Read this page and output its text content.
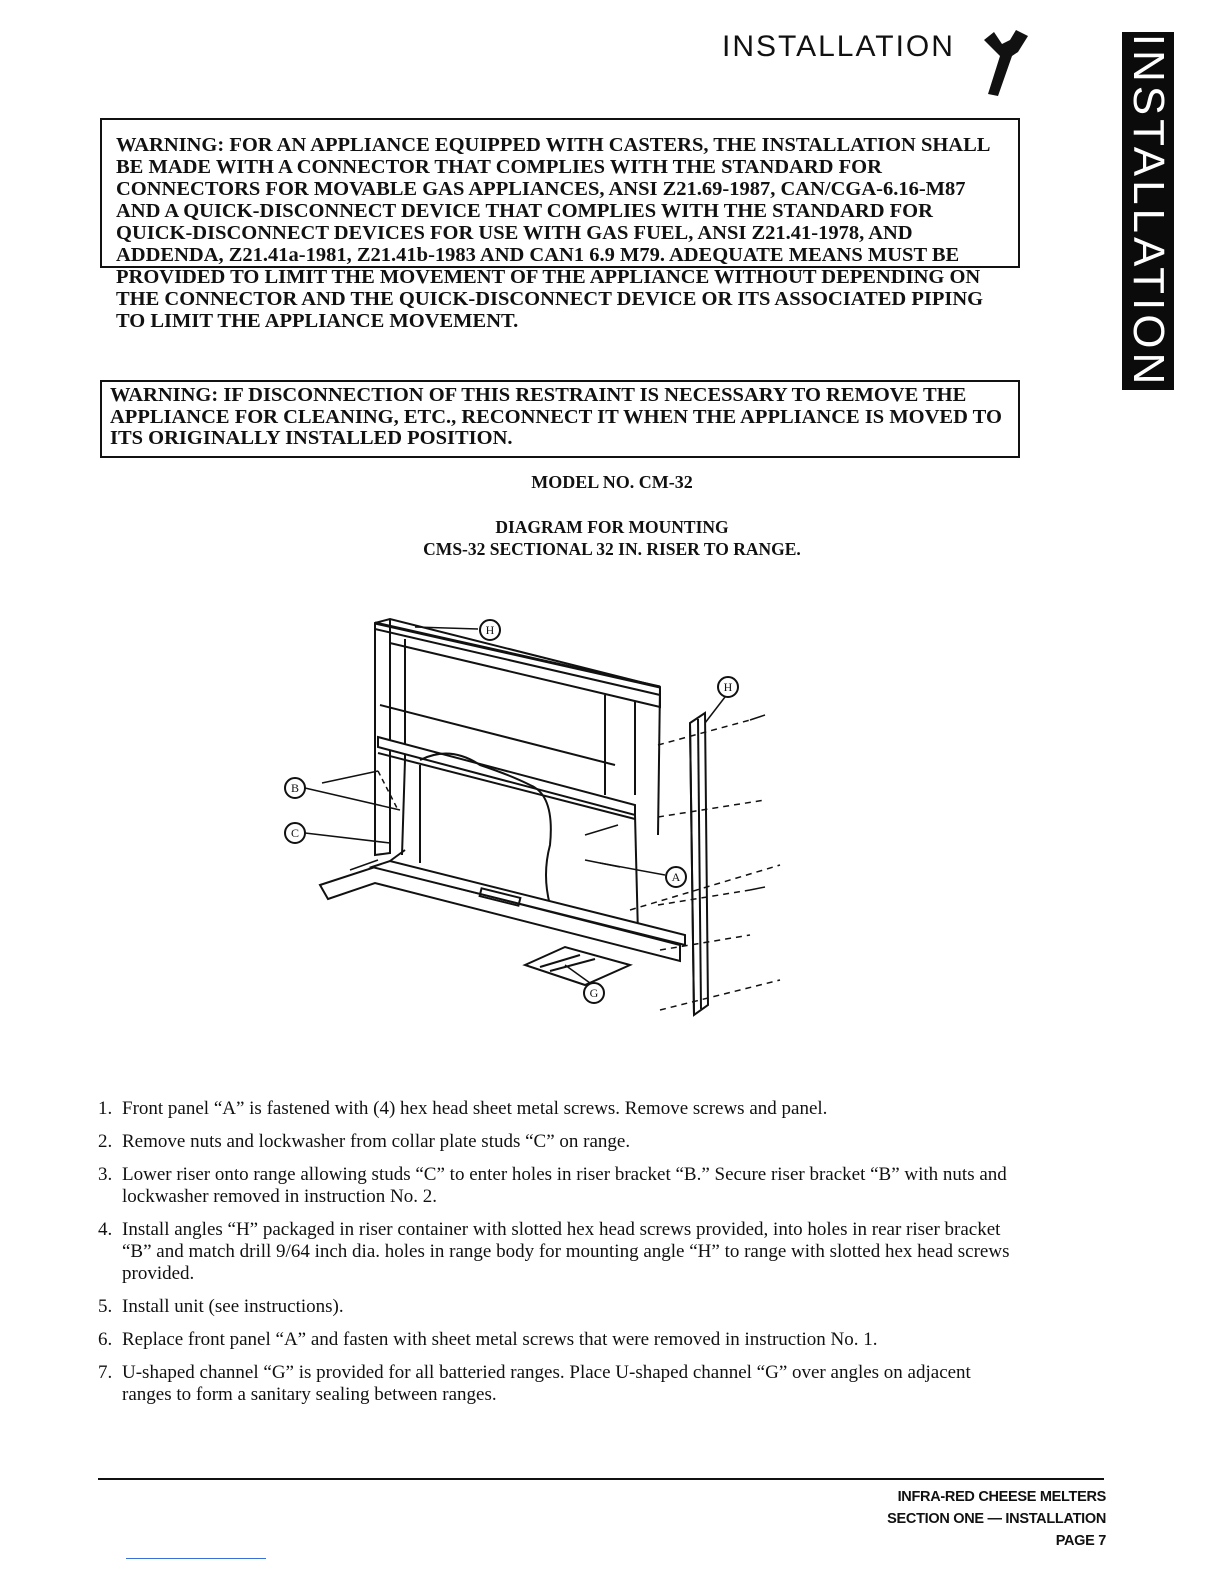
INSTALLATION	INSTALLATION
WARNING: FOR AN APPLIANCE EQUIPPED WITH CASTERS, THE INSTALLATION SHALL BE MADE WITH A CONNECTOR THAT COMPLIES WITH THE STANDARD FOR CONNECTORS FOR MOVABLE GAS APPLIANCES, ANSI Z21.69-1987, CAN/CGA-6.16-M87 AND A QUICK-DISCONNECT DEVICE THAT COMPLIES WITH THE STANDARD FOR QUICK-DISCONNECT DEVICES FOR USE WITH GAS FUEL, ANSI Z21.41-1978, AND ADDENDA, Z21.41a-1981, Z21.41b-1983 AND CAN1 6.9 M79. ADEQUATE MEANS MUST BE PROVIDED TO LIMIT THE MOVEMENT OF THE APPLIANCE WITHOUT DEPENDING ON THE CONNECTOR AND THE QUICK-DISCONNECT DEVICE OR ITS ASSOCIATED PIPING TO LIMIT THE APPLIANCE MOVEMENT.
WARNING: IF DISCONNECTION OF THIS RESTRAINT IS NECESSARY TO REMOVE THE APPLIANCE FOR CLEANING, ETC., RECONNECT IT WHEN THE APPLIANCE IS MOVED TO ITS ORIGINALLY INSTALLED POSITION.
MODEL NO. CM-32
DIAGRAM FOR MOUNTING
CMS-32 SECTIONAL 32 IN. RISER TO RANGE.
H
H
B
C
A
G
1. Front panel “A” is fastened with (4) hex head sheet metal screws. Remove screws and panel.
2. Remove nuts and lockwasher from collar plate studs “C” on range.
3. Lower riser onto range allowing studs “C” to enter holes in riser bracket “B.” Secure riser bracket “B” with nuts and lockwasher removed in instruction No. 2.
4. Install angles “H” packaged in riser container with slotted hex head screws provided, into holes in rear riser bracket “B” and match drill 9/64 inch dia. holes in range body for mounting angle “H” to range with slotted hex head screws provided.
5. Install unit (see instructions).
6. Replace front panel “A” and fasten with sheet metal screws that were removed in instruction No. 1.
7. U-shaped channel “G” is provided for all batteried ranges. Place U-shaped channel “G” over angles on adjacent ranges to form a sanitary sealing between ranges.
INFRA-RED CHEESE MELTERS
SECTION ONE — INSTALLATION
PAGE 7
